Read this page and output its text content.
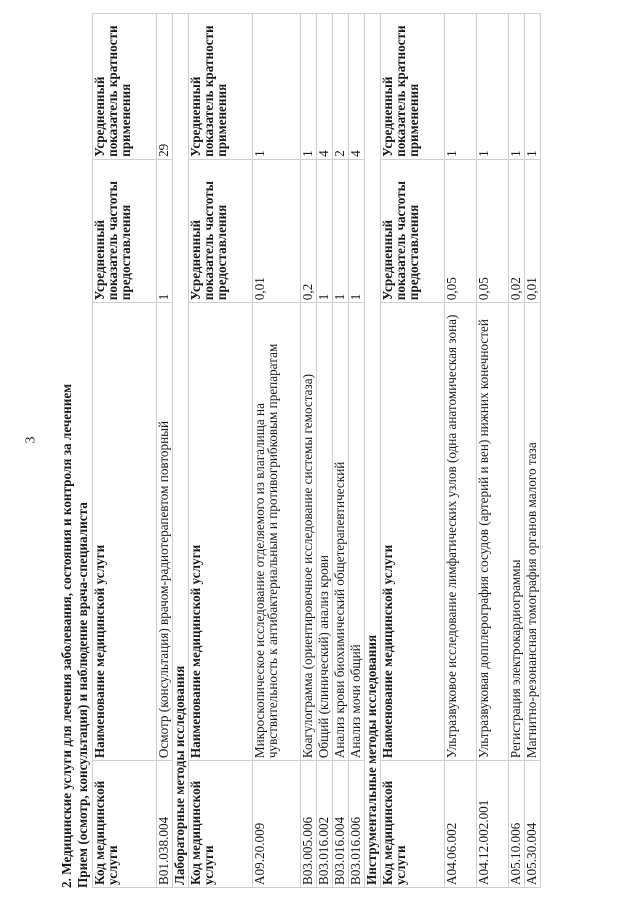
3 2. Медицинские услуги для лечения заболевания, состояния и контроля за лечением Прием (осмотр, консультация) и наблюдение врача-специалиста Код медицинской услуги	Наименование медицинской услуги	Усредненный показатель частоты предоставления	Усредненный показатель кратности применения
B01.038.004	Осмотр (консультация) врачом-радиотерапевтом повторный	1	29
Лабораторные методы исследования			
Код медицинской услуги	Наименование медицинской услуги	Усредненный показатель частоты предоставления	Усредненный показатель кратности применения
A09.20.009	Микроскопическое исследование отделяемого из влагалища на чувствительность к антибактериальным и противогрибковым препаратам	0,01	1
B03.005.006	Коагулограмма (ориентировочное исследование системы гемостаза)	0,2	1
B03.016.002	Общий (клинический) анализ крови	1	4
B03.016.004	Анализ крови биохимический общетерапевтический	1	2
B03.016.006	Анализ мочи общий	1	4
Инструментальные методы исследования			
Код медицинской услуги	Наименование медицинской услуги	Усредненный показатель частоты предоставления	Усредненный показатель кратности применения
A04.06.002	Ультразвуковое исследование лимфатических узлов (одна анатомическая зона)	0,05	1
A04.12.002.001	Ультразвуковая допплерография сосудов (артерий и вен) нижних конечностей	0,05	1
A05.10.006	Регистрация электрокардиограммы	0,02	1
A05.30.004	Магнитно-резонансная томография органов малого таза	0,01	1
